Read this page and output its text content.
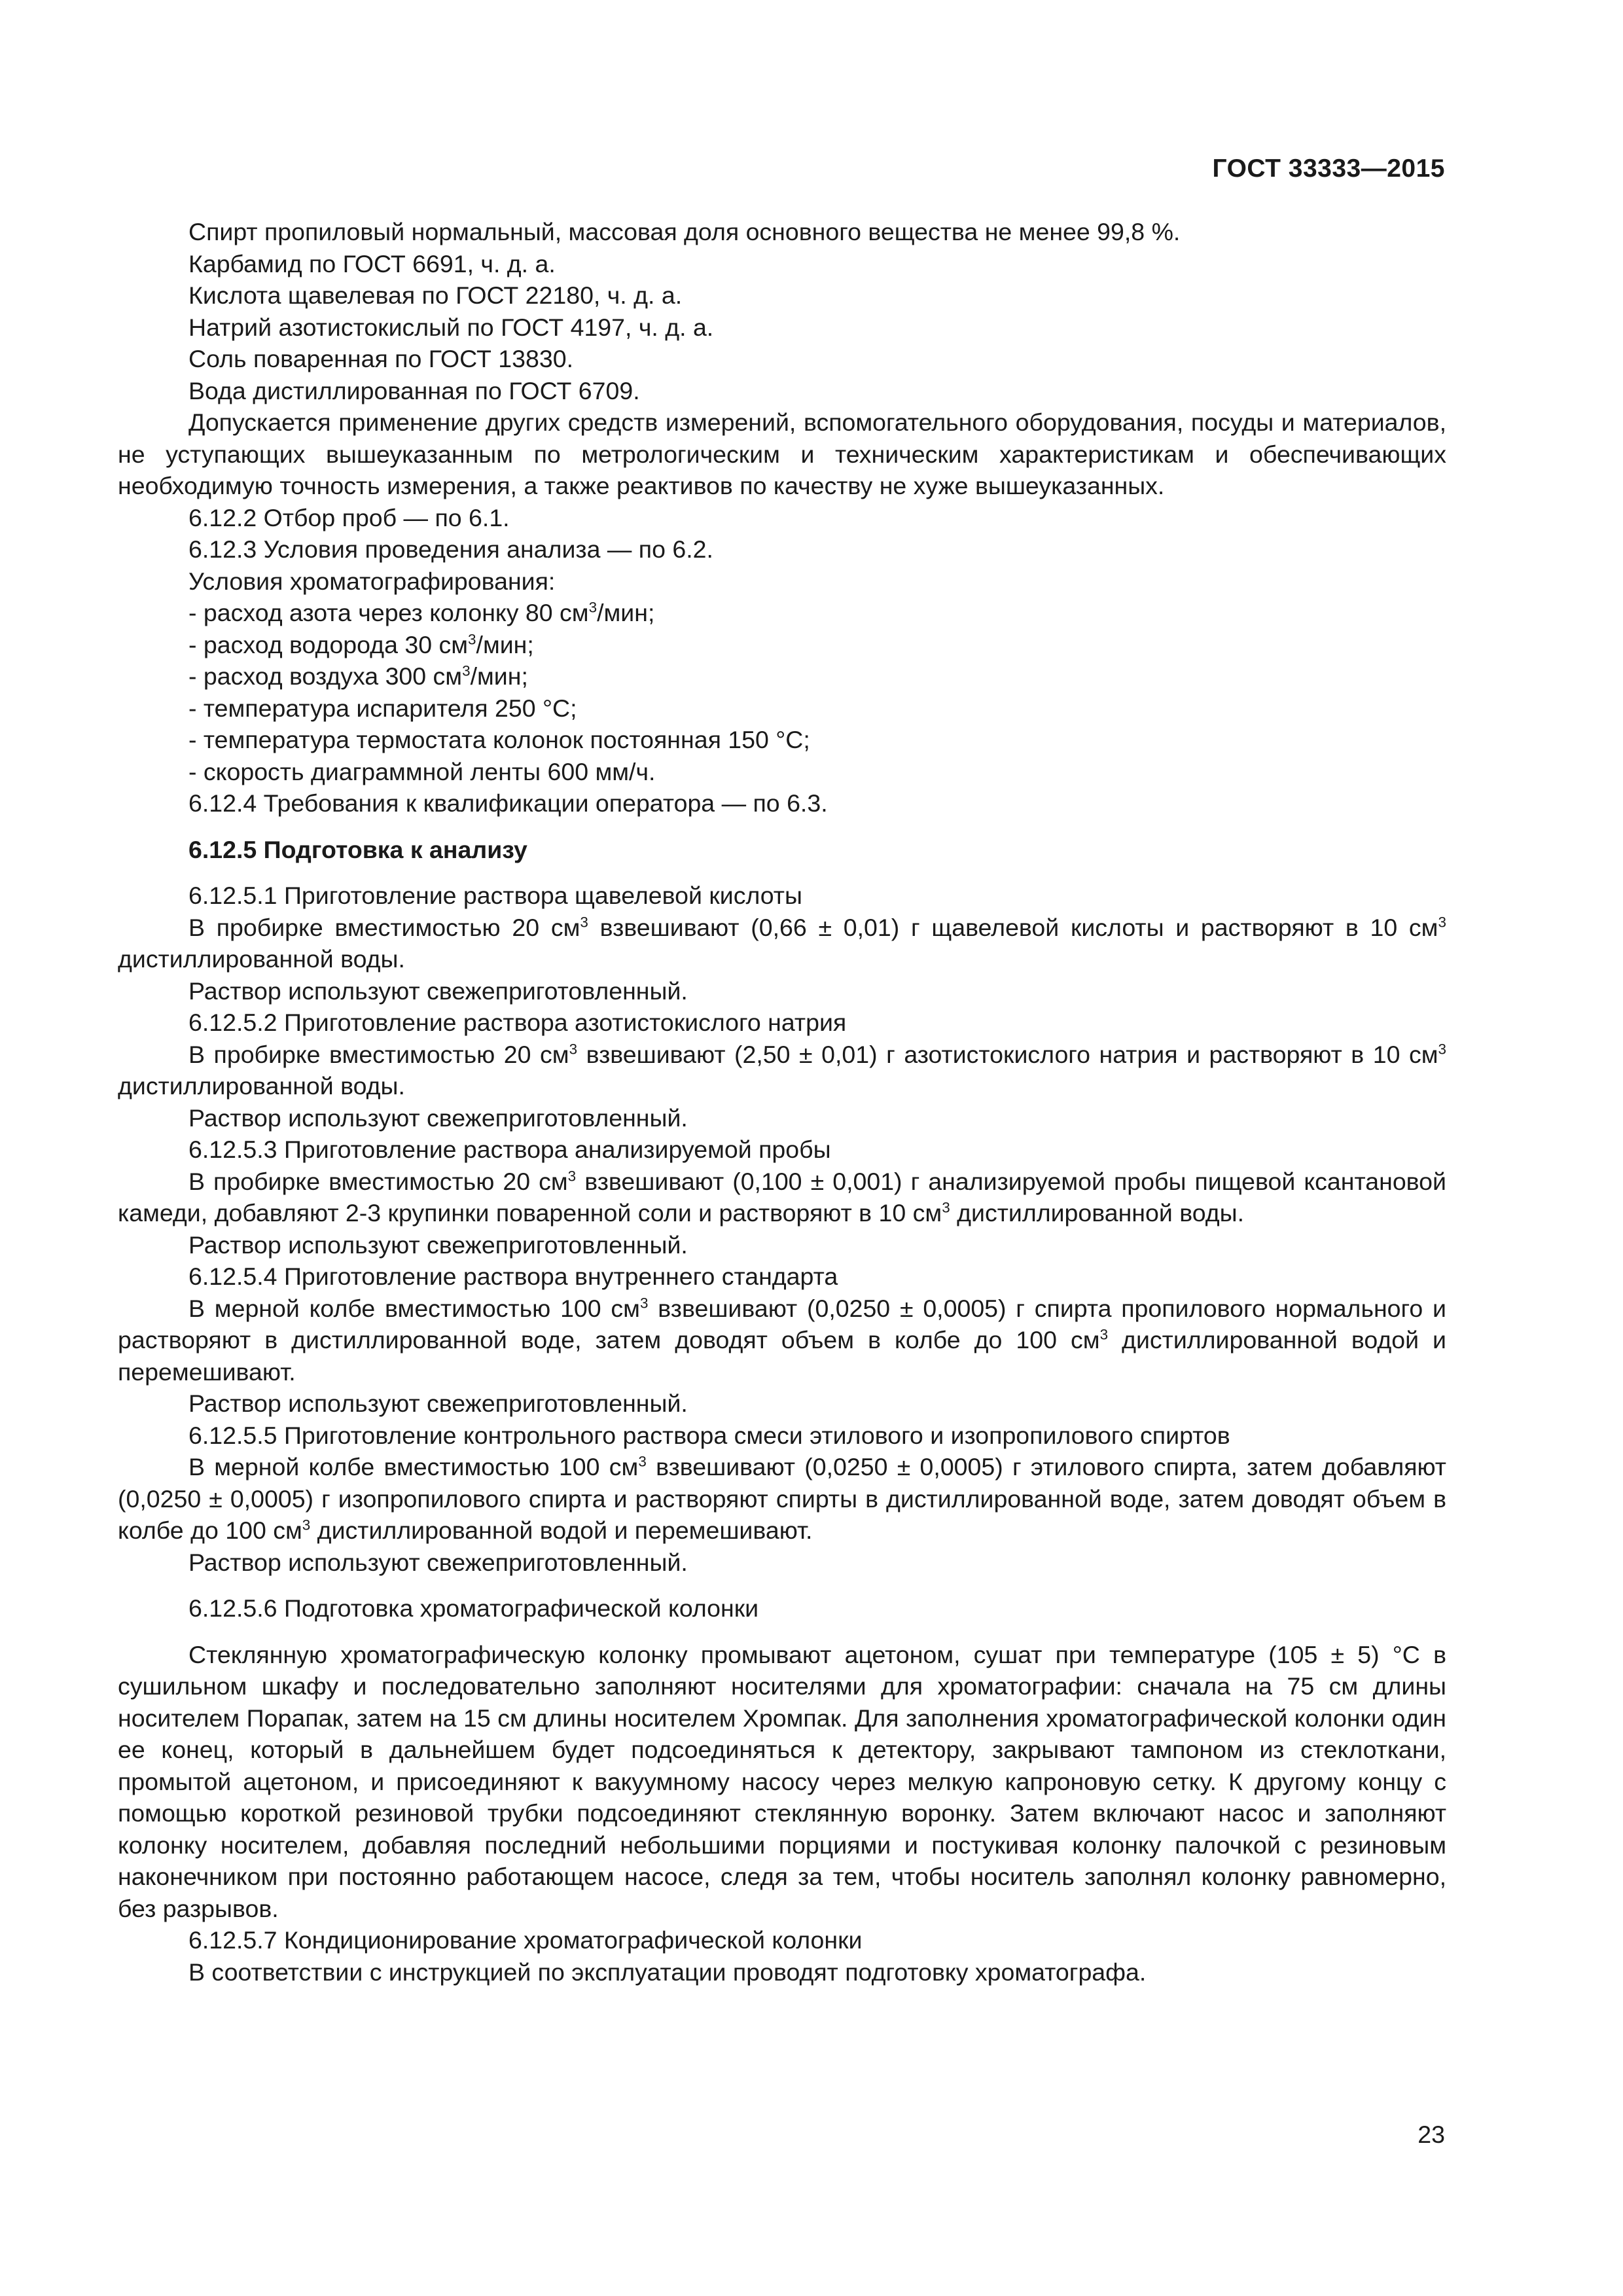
ГОСТ 33333—2015

Спирт пропиловый нормальный, массовая доля основного вещества не менее 99,8 %.

Карбамид по ГОСТ 6691, ч. д. а.

Кислота щавелевая по ГОСТ 22180, ч. д. а.

Натрий азотистокислый по ГОСТ 4197, ч. д. а.

Соль поваренная по ГОСТ 13830.

Вода дистиллированная по ГОСТ 6709.

Допускается применение других средств измерений, вспомогательного оборудования, посуды и материалов, не уступающих вышеуказанным по метрологическим и техническим характеристикам и обеспечивающих необходимую точность измерения, а также реактивов по качеству не хуже вышеуказанных.

6.12.2 Отбор проб — по 6.1.

6.12.3 Условия проведения анализа — по 6.2.

Условия хроматографирования:

- расход азота через колонку 80 $см^3$/мин;

- расход водорода 30 $см^3$/мин;

- расход воздуха 300 $см^3$/мин;

- температура испарителя 250 °С;

- температура термостата колонок постоянная 150 °С;

- скорость диаграммной ленты 600 мм/ч.

6.12.4 Требования к квалификации оператора — по 6.3.

6.12.5 Подготовка к анализу

6.12.5.1 Приготовление раствора щавелевой кислоты

В пробирке вместимостью 20 $см^3$ взвешивают (0,66 ± 0,01) г щавелевой кислоты и растворяют в 10 $см^3$ дистиллированной воды.

Раствор используют свежеприготовленный.

6.12.5.2 Приготовление раствора азотистокислого натрия

В пробирке вместимостью 20 $см^3$ взвешивают (2,50 ± 0,01) г азотистокислого натрия и растворяют в 10 $см^3$ дистиллированной воды.

Раствор используют свежеприготовленный.

6.12.5.3 Приготовление раствора анализируемой пробы

В пробирке вместимостью 20 $см^3$ взвешивают (0,100 ± 0,001) г анализируемой пробы пищевой ксантановой камеди, добавляют 2-3 крупинки поваренной соли и растворяют в 10 $см^3$ дистиллированной воды.

Раствор используют свежеприготовленный.

6.12.5.4 Приготовление раствора внутреннего стандарта

В мерной колбе вместимостью 100 $см^3$ взвешивают (0,0250 ± 0,0005) г спирта пропилового нормального и растворяют в дистиллированной воде, затем доводят объем в колбе до 100 $см^3$ дистиллированной водой и перемешивают.

Раствор используют свежеприготовленный.

6.12.5.5 Приготовление контрольного раствора смеси этилового и изопропилового спиртов

В мерной колбе вместимостью 100 $см^3$ взвешивают (0,0250 ± 0,0005) г этилового спирта, затем добавляют (0,0250 ± 0,0005) г изопропилового спирта и растворяют спирты в дистиллированной воде, затем доводят объем в колбе до 100 $см^3$ дистиллированной водой и перемешивают.

Раствор используют свежеприготовленный.

6.12.5.6 Подготовка хроматографической колонки

Стеклянную хроматографическую колонку промывают ацетоном, сушат при температуре (105 ± 5) °С в сушильном шкафу и последовательно заполняют носителями для хроматографии: сначала на 75 см длины носителем Порапак, затем на 15 см длины носителем Хромпак. Для заполнения хроматографической колонки один ее конец, который в дальнейшем будет подсоединяться к детектору, закрывают тампоном из стеклоткани, промытой ацетоном, и присоединяют к вакуумному насосу через мелкую капроновую сетку. К другому концу с помощью короткой резиновой трубки подсоединяют стеклянную воронку. Затем включают насос и заполняют колонку носителем, добавляя последний небольшими порциями и постукивая колонку палочкой с резиновым наконечником при постоянно работающем насосе, следя за тем, чтобы носитель заполнял колонку равномерно, без разрывов.

6.12.5.7 Кондиционирование хроматографической колонки

В соответствии с инструкцией по эксплуатации проводят подготовку хроматографа.

23
